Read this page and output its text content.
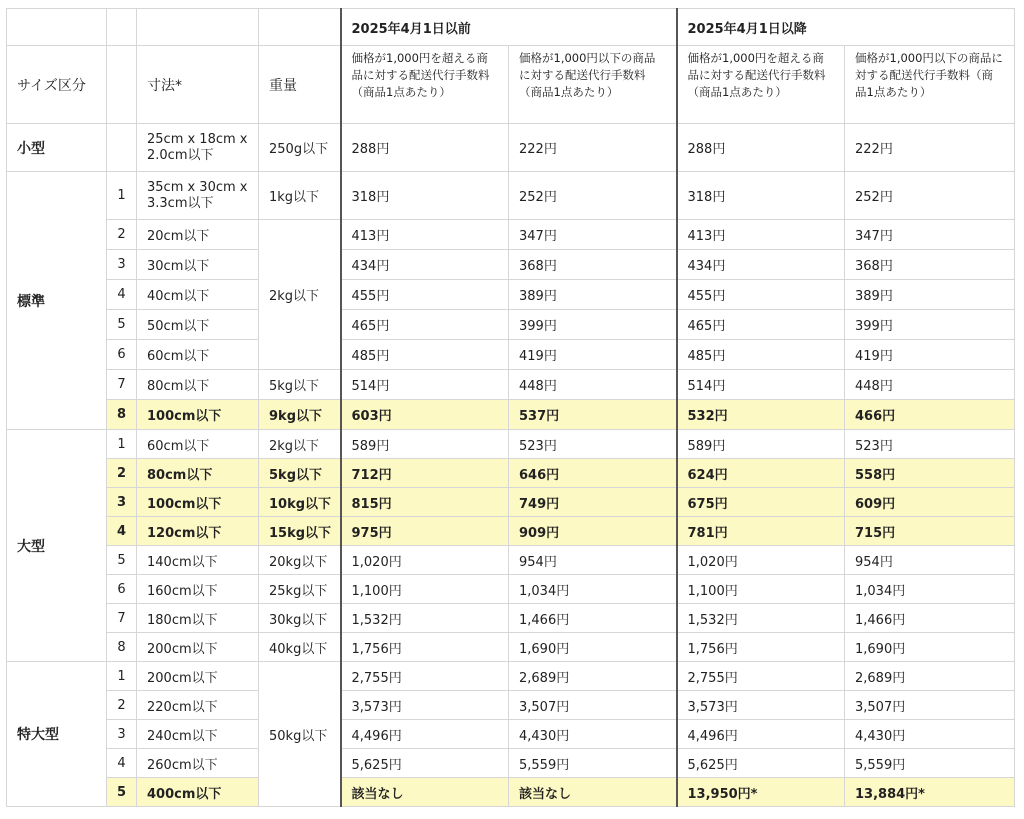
				2025年4月1日以前		2025年4月1日以降	
サイズ区分		寸法*	重量	価格が1,000円を超える商品に対する配送代行手数料（商品1点あたり）	価格が1,000円以下の商品に対する配送代行手数料（商品1点あたり）	価格が1,000円を超える商品に対する配送代行手数料（商品1点あたり）	価格が1,000円以下の商品に対する配送代行手数料（商品1点あたり）
小型		25cm x 18cm x 2.0cm以下	250g以下	288円	222円	288円	222円
標準	1	35cm x 30cm x 3.3cm以下	1kg以下	318円	252円	318円	252円
	2	20cm以下	2kg以下	413円	347円	413円	347円
	3	30cm以下		434円	368円	434円	368円
	4	40cm以下		455円	389円	455円	389円
	5	50cm以下		465円	399円	465円	399円
	6	60cm以下		485円	419円	485円	419円
	7	80cm以下	5kg以下	514円	448円	514円	448円
	8	100cm以下	9kg以下	603円	537円	532円	466円
大型	1	60cm以下	2kg以下	589円	523円	589円	523円
	2	80cm以下	5kg以下	712円	646円	624円	558円
	3	100cm以下	10kg以下	815円	749円	675円	609円
	4	120cm以下	15kg以下	975円	909円	781円	715円
	5	140cm以下	20kg以下	1,020円	954円	1,020円	954円
	6	160cm以下	25kg以下	1,100円	1,034円	1,100円	1,034円
	7	180cm以下	30kg以下	1,532円	1,466円	1,532円	1,466円
	8	200cm以下	40kg以下	1,756円	1,690円	1,756円	1,690円
特大型	1	200cm以下	50kg以下	2,755円	2,689円	2,755円	2,689円
	2	220cm以下		3,573円	3,507円	3,573円	3,507円
	3	240cm以下		4,496円	4,430円	4,496円	4,430円
	4	260cm以下		5,625円	5,559円	5,625円	5,559円
	5	400cm以下		該当なし	該当なし	13,950円*	13,884円*
